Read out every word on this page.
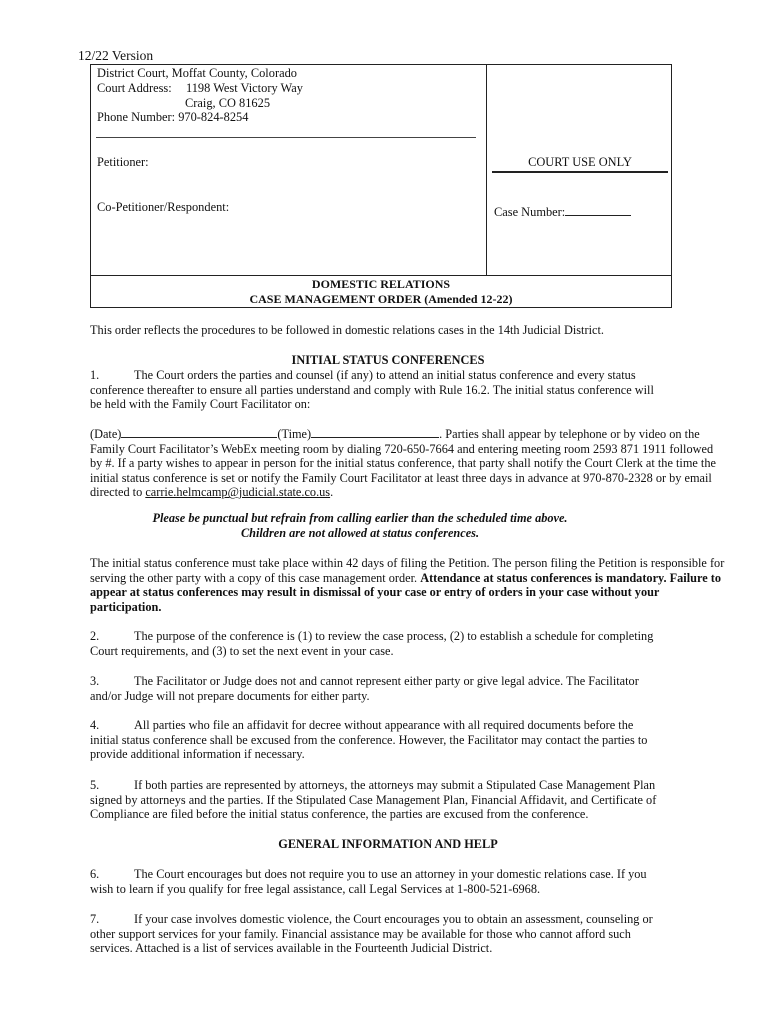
12/22 Version
District Court, Moffat County, Colorado
Court Address: 1198 West Victory Way
Craig, CO 81625
Phone Number: 970-824-8254
Petitioner:
Co-Petitioner/Respondent:
COURT USE ONLY
Case Number:
DOMESTIC RELATIONS
CASE MANAGEMENT ORDER (Amended 12-22)
This order reflects the procedures to be followed in domestic relations cases in the 14th Judicial District.
INITIAL STATUS CONFERENCES
1.	The Court orders the parties and counsel (if any) to attend an initial status conference and every status
conference thereafter to ensure all parties understand and comply with Rule 16.2. The initial status conference will
be held with the Family Court Facilitator on:
(Date)	(Time)	. Parties shall appear by telephone or by video on the
Family Court Facilitator’s WebEx meeting room by dialing 720-650-7664 and entering meeting room 2593 871 1911 followed
by #. If a party wishes to appear in person for the initial status conference, that party shall notify the Court Clerk at the time the
initial status conference is set or notify the Family Court Facilitator at least three days in advance at 970-870-2328 or by email
directed to carrie.helmcamp@judicial.state.co.us.
Please be punctual but refrain from calling earlier than the scheduled time above.
Children are not allowed at status conferences.
The initial status conference must take place within 42 days of filing the Petition. The person filing the Petition is responsible for
serving the other party with a copy of this case management order. Attendance at status conferences is mandatory. Failure to
appear at status conferences may result in dismissal of your case or entry of orders in your case without your
participation.
2.	The purpose of the conference is (1) to review the case process, (2) to establish a schedule for completing
Court requirements, and (3) to set the next event in your case.
3.	The Facilitator or Judge does not and cannot represent either party or give legal advice. The Facilitator
and/or Judge will not prepare documents for either party.
4.	All parties who file an affidavit for decree without appearance with all required documents before the
initial status conference shall be excused from the conference. However, the Facilitator may contact the parties to
provide additional information if necessary.
5.	If both parties are represented by attorneys, the attorneys may submit a Stipulated Case Management Plan
signed by attorneys and the parties. If the Stipulated Case Management Plan, Financial Affidavit, and Certificate of
Compliance are filed before the initial status conference, the parties are excused from the conference.
GENERAL INFORMATION AND HELP
6.	The Court encourages but does not require you to use an attorney in your domestic relations case. If you
wish to learn if you qualify for free legal assistance, call Legal Services at 1-800-521-6968.
7.	If your case involves domestic violence, the Court encourages you to obtain an assessment, counseling or
other support services for your family. Financial assistance may be available for those who cannot afford such
services. Attached is a list of services available in the Fourteenth Judicial District.
